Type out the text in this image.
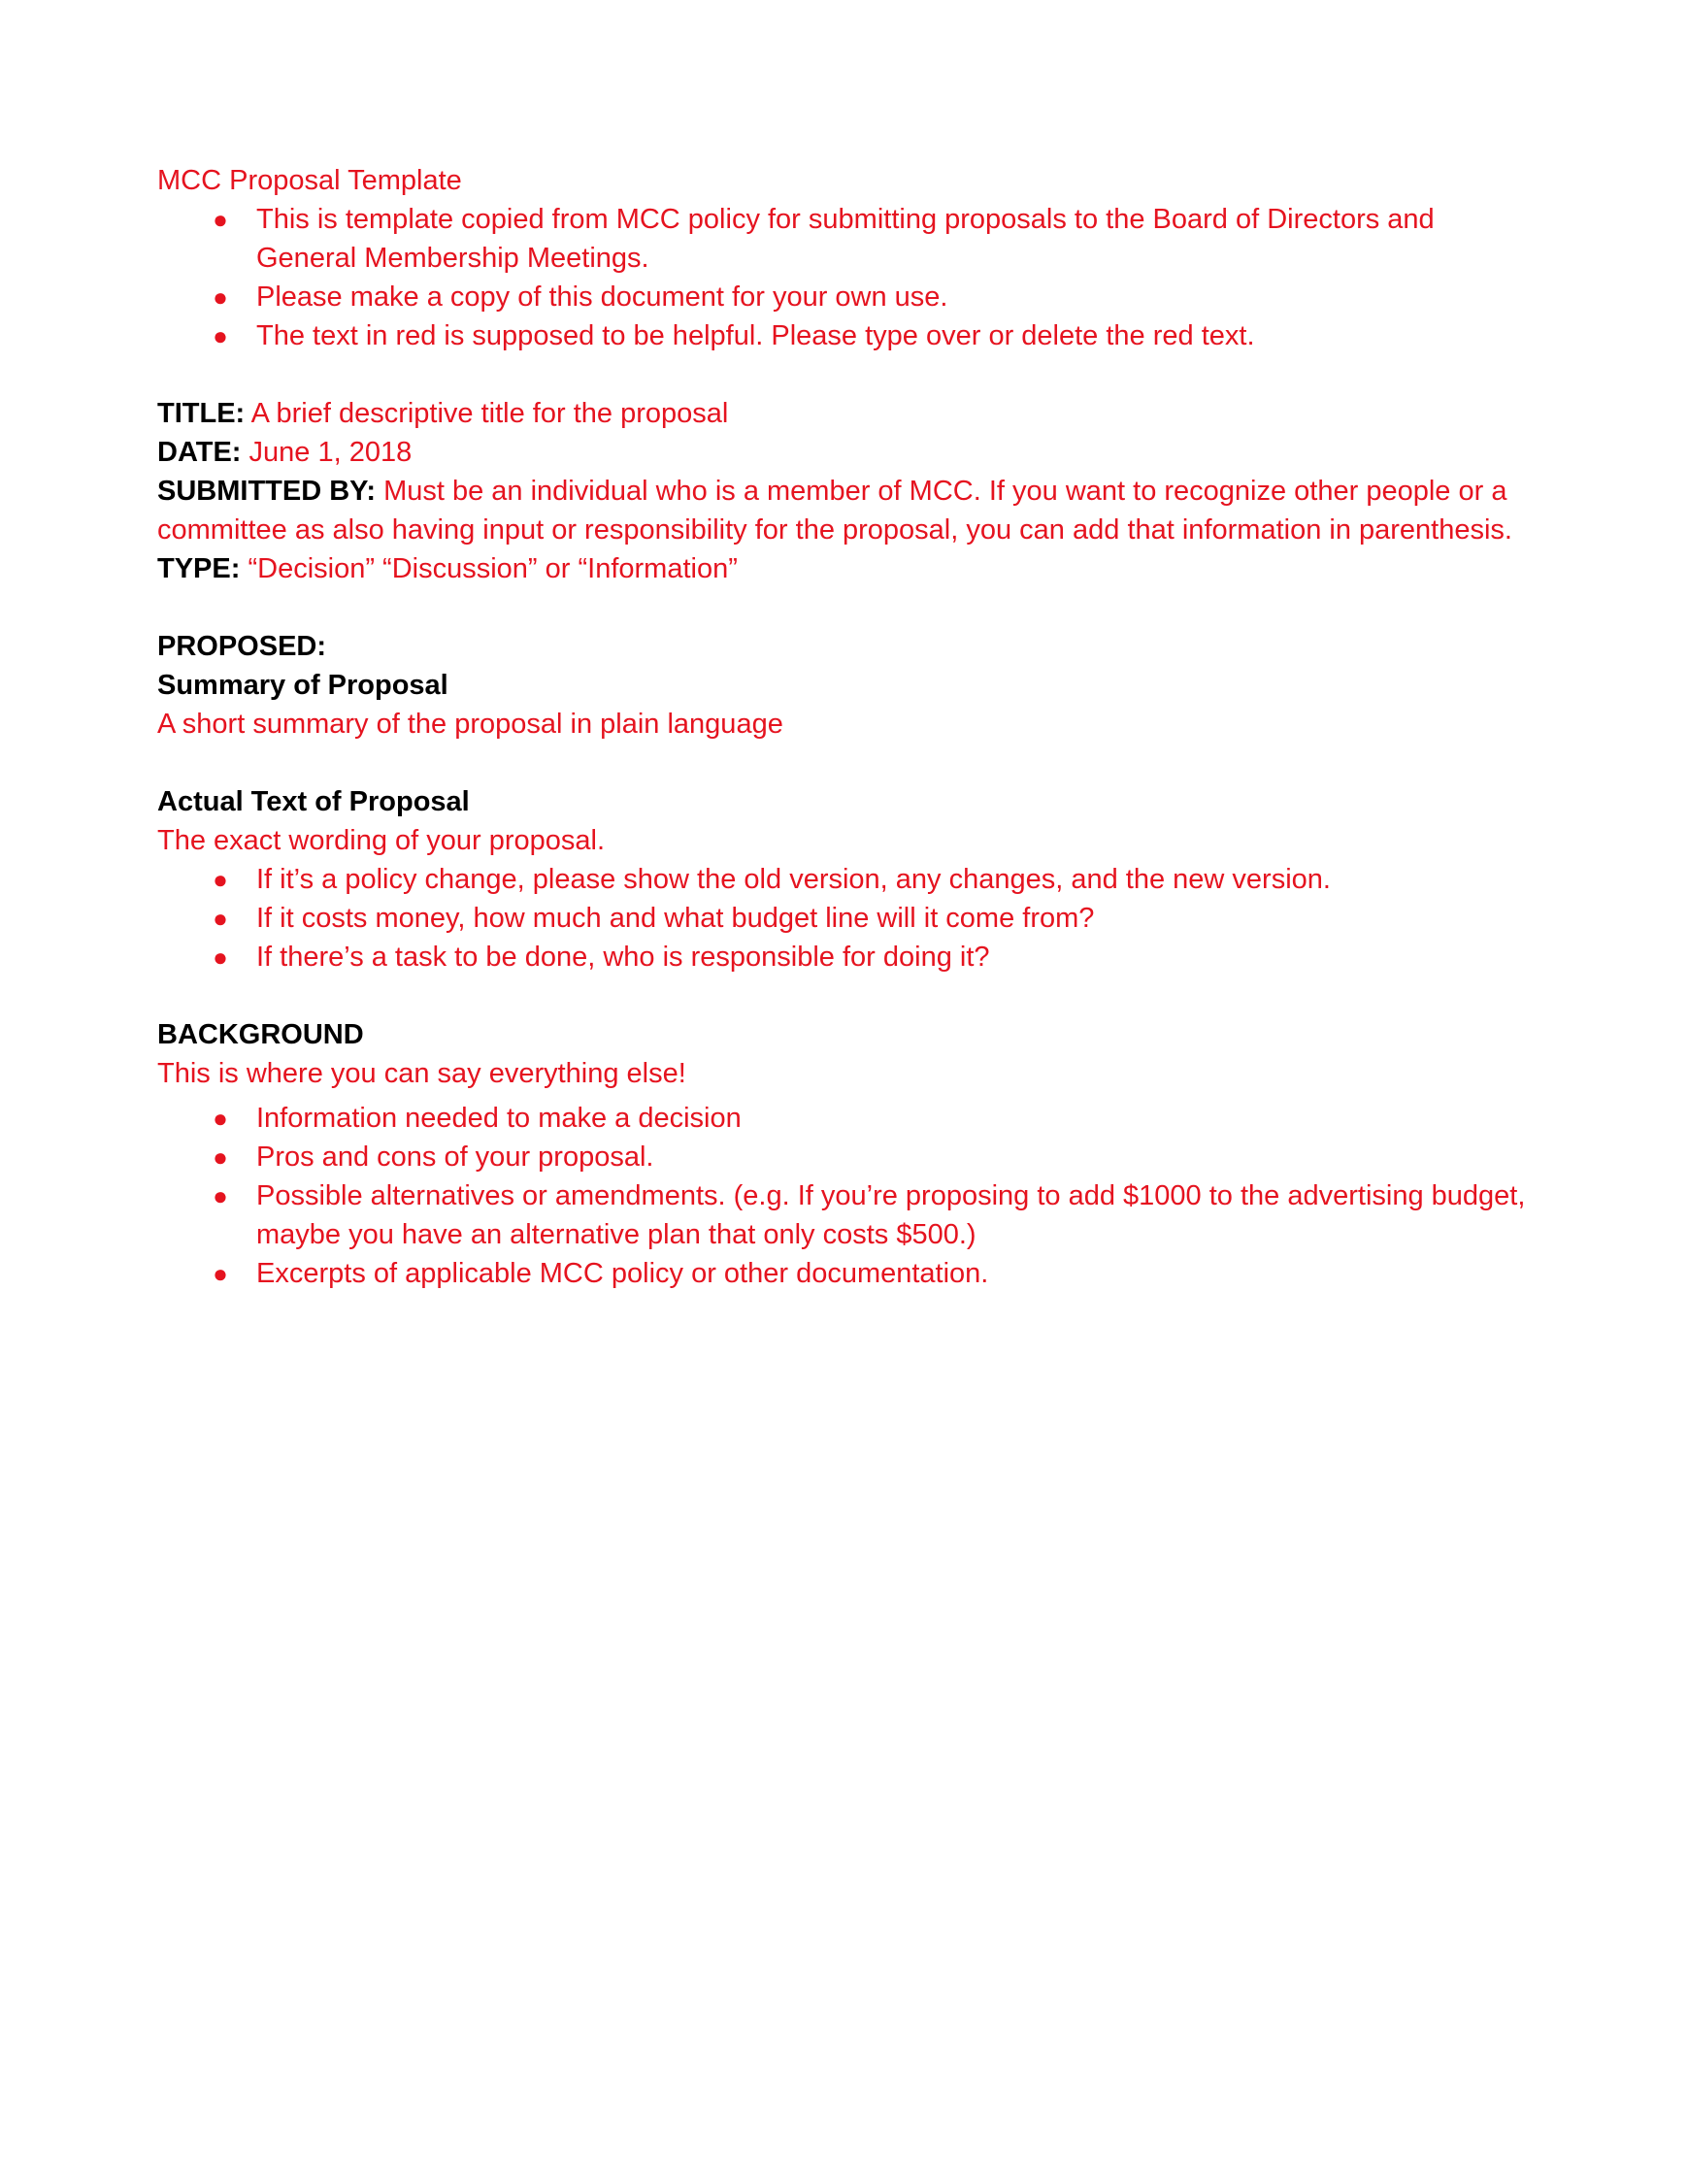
MCC Proposal Template
● This is template copied from MCC policy for submitting proposals to the Board of Directors and General Membership Meetings.
● Please make a copy of this document for your own use.
● The text in red is supposed to be helpful. Please type over or delete the red text.
TITLE: A brief descriptive title for the proposal
DATE: June 1, 2018
SUBMITTED BY: Must be an individual who is a member of MCC. If you want to recognize other people or a committee as also having input or responsibility for the proposal, you can add that information in parenthesis.
TYPE: “Decision” “Discussion” or “Information”
PROPOSED:
Summary of Proposal
A short summary of the proposal in plain language
Actual Text of Proposal
The exact wording of your proposal.
● If it’s a policy change, please show the old version, any changes, and the new version.
● If it costs money, how much and what budget line will it come from?
● If there’s a task to be done, who is responsible for doing it?
BACKGROUND
This is where you can say everything else!
● Information needed to make a decision
● Pros and cons of your proposal.
● Possible alternatives or amendments. (e.g. If you’re proposing to add $1000 to the advertising budget, maybe you have an alternative plan that only costs $500.)
● Excerpts of applicable MCC policy or other documentation.
